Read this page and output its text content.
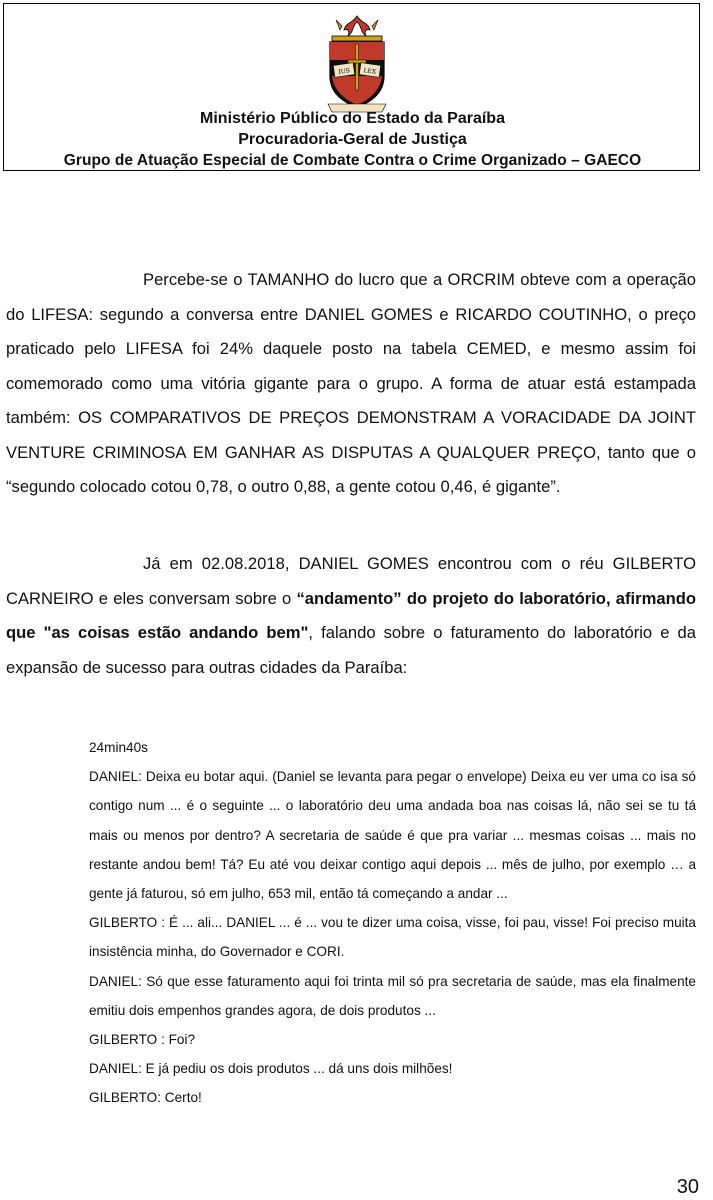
IUS LEX
Ministério Público do Estado da Paraíba
Procuradoria-Geral de Justiça
Grupo de Atuação Especial de Combate Contra o Crime Organizado – GAECO

Percebe-se o TAMANHO do lucro que a ORCRIM obteve com a operação do LIFESA: segundo a conversa entre DANIEL GOMES e RICARDO COUTINHO, o preço praticado pelo LIFESA foi 24% daquele posto na tabela CEMED, e mesmo assim foi comemorado como uma vitória gigante para o grupo. A forma de atuar está estampada também: OS COMPARATIVOS DE PREÇOS DEMONSTRAM A VORACIDADE DA JOINT VENTURE CRIMINOSA EM GANHAR AS DISPUTAS A QUALQUER PREÇO, tanto que o “segundo colocado cotou 0,78, o outro 0,88, a gente cotou 0,46, é gigante”.

Já em 02.08.2018, DANIEL GOMES encontrou com o réu GILBERTO CARNEIRO e eles conversam sobre o “andamento” do projeto do laboratório, afirmando que "as coisas estão andando bem", falando sobre o faturamento do laboratório e da expansão de sucesso para outras cidades da Paraíba:

24min40s

DANIEL: Deixa eu botar aqui. (Daniel se levanta para pegar o envelope) Deixa eu ver uma co isa só contigo num ... é o seguinte ... o laboratório deu uma andada boa nas coisas lá, não sei se tu tá mais ou menos por dentro? A secretaria de saúde é que pra variar ... mesmas coisas ... mais no restante andou bem! Tá? Eu até vou deixar contigo aqui depois ... mês de julho, por exemplo … a gente já faturou, só em julho, 653 mil, então tá começando a andar ...

GILBERTO : É ... ali... DANIEL ... é ... vou te dizer uma coisa, visse, foi pau, visse! Foi preciso muita insistência minha, do Governador e CORI.

DANIEL: Só que esse faturamento aqui foi trinta mil só pra secretaria de saúde, mas ela finalmente emitiu dois empenhos grandes agora, de dois produtos ...

GILBERTO : Foi?

DANIEL: E já pediu os dois produtos ... dá uns dois milhões!

GILBERTO: Certo!

30
